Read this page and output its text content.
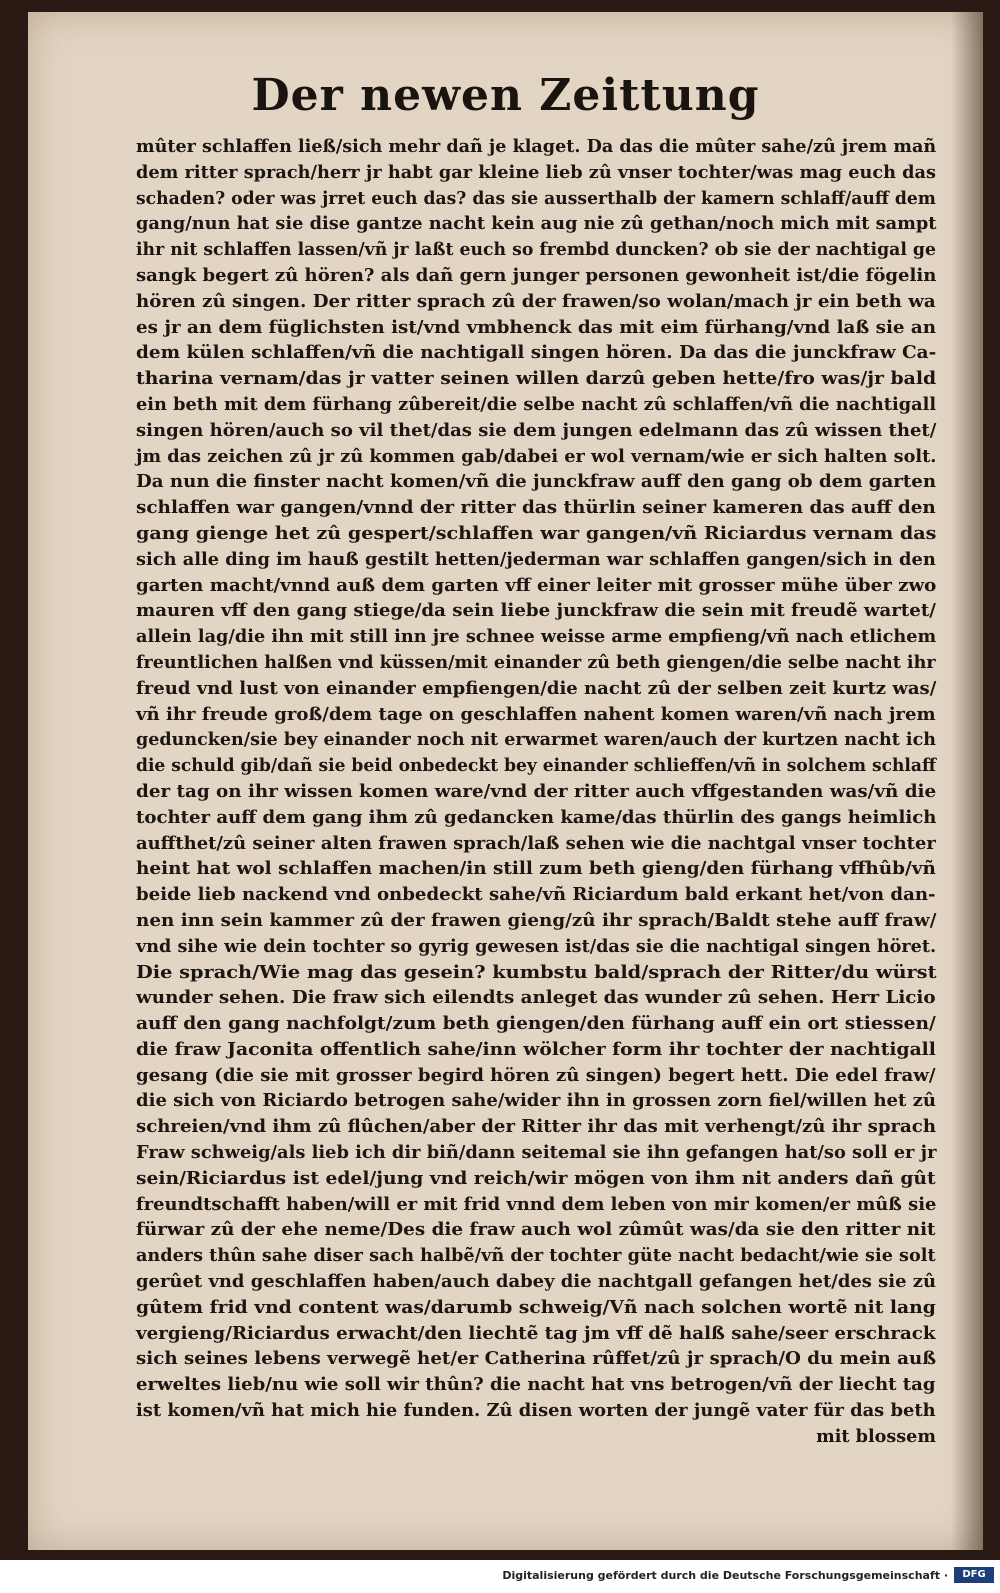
Der newen Zeittung
mûter schlaffen ließ/sich mehr dañ je klaget. Da das die mûter sahe/zû jrem mañ
dem ritter sprach/herr jr habt gar kleine lieb zû vnser tochter/was mag euch das
schaden? oder was jrret euch das? das sie ausserthalb der kamern schlaff/auff dem
gang/nun hat sie dise gantze nacht kein aug nie zû gethan/noch mich mit sampt
ihr nit schlaffen lassen/vñ jr laßt euch so frembd duncken? ob sie der nachtigal ge
sangk begert zû hören? als dañ gern junger personen gewonheit ist/die fögelin
hören zû singen. Der ritter sprach zû der frawen/so wolan/mach jr ein beth wa
es jr an dem füglichsten ist/vnd vmbhenck das mit eim fürhang/vnd laß sie an
dem külen schlaffen/vñ die nachtigall singen hören. Da das die junckfraw Ca-
tharina vernam/das jr vatter seinen willen darzû geben hette/fro was/jr bald
ein beth mit dem fürhang zûbereit/die selbe nacht zû schlaffen/vñ die nachtigall
singen hören/auch so vil thet/das sie dem jungen edelmann das zû wissen thet/
jm das zeichen zû jr zû kommen gab/dabei er wol vernam/wie er sich halten solt.
Da nun die finster nacht komen/vñ die junckfraw auff den gang ob dem garten
schlaffen war gangen/vnnd der ritter das thürlin seiner kameren das auff den
gang gienge het zû gespert/schlaffen war gangen/vñ Riciardus vernam das
sich alle ding im hauß gestilt hetten/jederman war schlaffen gangen/sich in den
garten macht/vnnd auß dem garten vff einer leiter mit grosser mühe über zwo
mauren vff den gang stiege/da sein liebe junckfraw die sein mit freudẽ wartet/
allein lag/die ihn mit still inn jre schnee weisse arme empfieng/vñ nach etlichem
freuntlichen halßen vnd küssen/mit einander zû beth giengen/die selbe nacht ihr
freud vnd lust von einander empfiengen/die nacht zû der selben zeit kurtz was/
vñ ihr freude groß/dem tage on geschlaffen nahent komen waren/vñ nach jrem
geduncken/sie bey einander noch nit erwarmet waren/auch der kurtzen nacht ich
die schuld gib/dañ sie beid onbedeckt bey einander schlieffen/vñ in solchem schlaff
der tag on ihr wissen komen ware/vnd der ritter auch vffgestanden was/vñ die
tochter auff dem gang ihm zû gedancken kame/das thürlin des gangs heimlich
auffthet/zû seiner alten frawen sprach/laß sehen wie die nachtgal vnser tochter
heint hat wol schlaffen machen/in still zum beth gieng/den fürhang vffhûb/vñ
beide lieb nackend vnd onbedeckt sahe/vñ Riciardum bald erkant het/von dan-
nen inn sein kammer zû der frawen gieng/zû ihr sprach/Baldt stehe auff fraw/
vnd sihe wie dein tochter so gyrig gewesen ist/das sie die nachtigal singen höret.
Die sprach/Wie mag das gesein? kumbstu bald/sprach der Ritter/du würst
wunder sehen. Die fraw sich eilendts anleget das wunder zû sehen. Herr Licio
auff den gang nachfolgt/zum beth giengen/den fürhang auff ein ort stiessen/
die fraw Jaconita offentlich sahe/inn wölcher form ihr tochter der nachtigall
gesang (die sie mit grosser begird hören zû singen) begert hett. Die edel fraw/
die sich von Riciardo betrogen sahe/wider ihn in grossen zorn fiel/willen het zû
schreien/vnd ihm zû flûchen/aber der Ritter ihr das mit verhengt/zû ihr sprach
Fraw schweig/als lieb ich dir biñ/dann seitemal sie ihn gefangen hat/so soll er jr
sein/Riciardus ist edel/jung vnd reich/wir mögen von ihm nit anders dañ gût
freundtschafft haben/will er mit frid vnnd dem leben von mir komen/er mûß sie
fürwar zû der ehe neme/Des die fraw auch wol zûmût was/da sie den ritter nit
anders thûn sahe diser sach halbẽ/vñ der tochter güte nacht bedacht/wie sie solt
gerûet vnd geschlaffen haben/auch dabey die nachtgall gefangen het/des sie zû
gûtem frid vnd content was/darumb schweig/Vñ nach solchen wortẽ nit lang
vergieng/Riciardus erwacht/den liechtẽ tag jm vff dẽ halß sahe/seer erschrack
sich seines lebens verwegẽ het/er Catherina rûffet/zû jr sprach/O du mein auß
erweltes lieb/nu wie soll wir thûn? die nacht hat vns betrogen/vñ der liecht tag
ist komen/vñ hat mich hie funden. Zû disen worten der jungẽ vater für das beth
mit blossem
Digitalisierung gefördert durch die Deutsche Forschungsgemeinschaft ·	DFG
